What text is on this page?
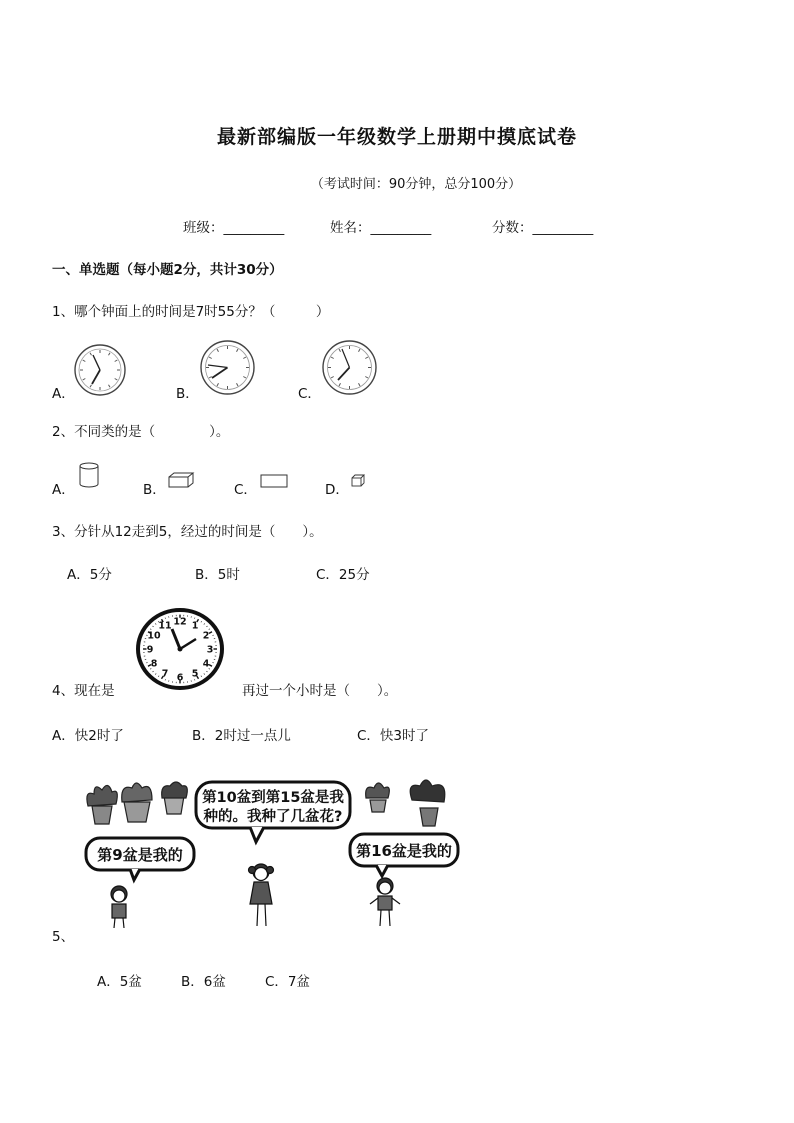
最新部编版一年级数学上册期中摸底试卷
（考试时间：90分钟，总分100分）
班级：_________	姓名：_________	分数：_________
一、单选题（每小题2分，共计30分）
1、哪个钟面上的时间是7时55分？（　　　）
A．	B．	C．
2、不同类的是（　　　　）。
A．	B．	C．	D．
3、分针从12走到5，经过的时间是（　　）。
A．5分	B．5时	C．25分
4、现在是
12 1
2
3
4
5
6
7
8
9
10
11
再过一个小时是（　　）。
A．快2时了	B．2时过一点儿	C．快3时了
第9盆是我的
第10盆到第15盆是我
种的。我种了几盆花?
第16盆是我的
5、
A．5盆	B．6盆	C．7盆
